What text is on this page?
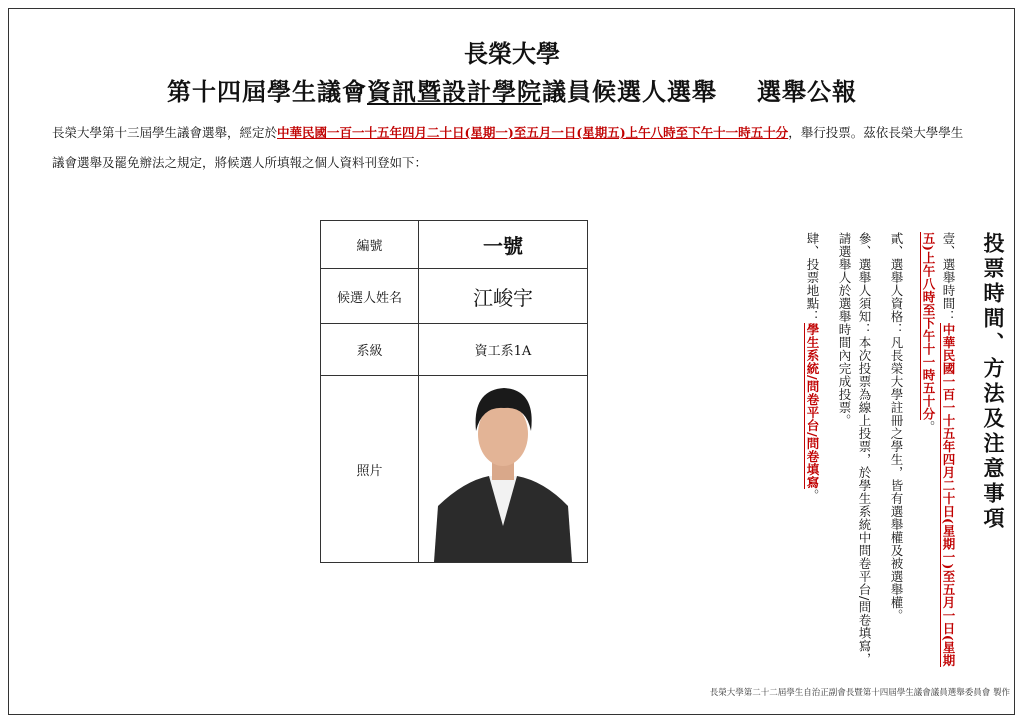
長榮大學
第十四屆學生議會資訊暨設計學院議員候選人選舉 選舉公報
長榮大學第十三屆學生議會選舉，經定於中華民國一百一十五年四月二十日(星期一)至五月一日(星期五)上午八時至下午十一時五十分，舉行投票。茲依長榮大學學生議會選舉及罷免辦法之規定，將候選人所填報之個人資料刊登如下：
編號	一號
候選人姓名	江峻宇
系級	資工系1A
照片		投票時間、方法及注意事項
壹、選舉時間：中華民國一百一十五年四月二十日(星期一)至五月一日(星期五)上午八時至下午十一時五十分。
貳、選舉人資格：凡長榮大學註冊之學生，皆有選舉權及被選舉權。
參、選舉人須知：本次投票為線上投票，於學生系統中問卷平台/問卷填寫，請選舉人於選舉時間內完成投票。
肆、投票地點：學生系統/問卷平台/問卷填寫。
長榮大學第二十二屆學生自治正副會長暨第十四屆學生議會議員選舉委員會 製作
